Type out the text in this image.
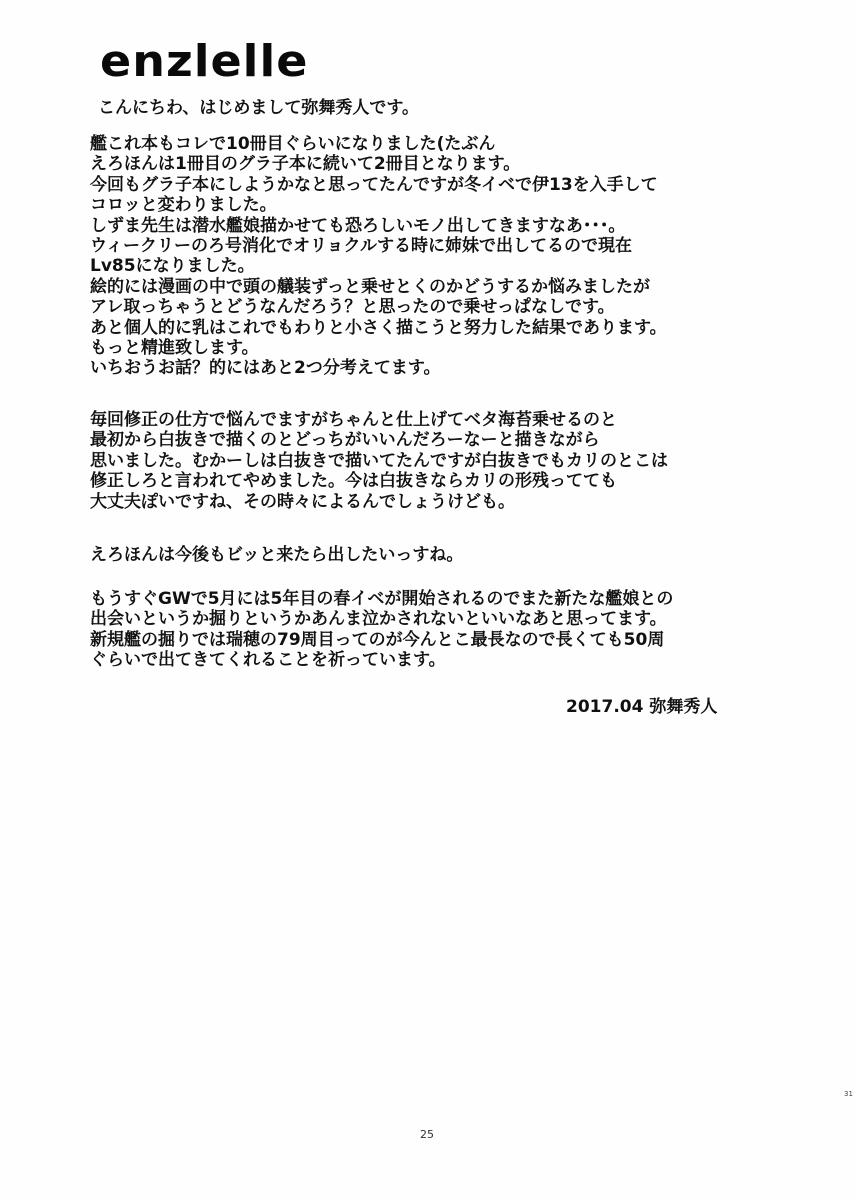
enzlelle
こんにちわ、はじめまして弥舞秀人です。
艦これ本もコレで10冊目ぐらいになりました(たぶん
えろほんは1冊目のグラ子本に続いて2冊目となります。
今回もグラ子本にしようかなと思ってたんですが冬イベで伊13を入手して
コロッと変わりました。
しずま先生は潜水艦娘描かせても恐ろしいモノ出してきますなあ･･･。
ウィークリーのろ号消化でオリョクルする時に姉妹で出してるので現在
Lv85になりました。
絵的には漫画の中で頭の艤装ずっと乗せとくのかどうするか悩みましたが
アレ取っちゃうとどうなんだろう？と思ったので乗せっぱなしです。
あと個人的に乳はこれでもわりと小さく描こうと努力した結果であります。
もっと精進致します。
いちおうお話？的にはあと2つ分考えてます。
毎回修正の仕方で悩んでますがちゃんと仕上げてベタ海苔乗せるのと
最初から白抜きで描くのとどっちがいいんだろーなーと描きながら
思いました。むかーしは白抜きで描いてたんですが白抜きでもカリのとこは
修正しろと言われてやめました。今は白抜きならカリの形残ってても
大丈夫ぽいですね、その時々によるんでしょうけども。
えろほんは今後もビッと来たら出したいっすね。
もうすぐGWで5月には5年目の春イベが開始されるのでまた新たな艦娘との
出会いというか掘りというかあんま泣かされないといいなあと思ってます。
新規艦の掘りでは瑞穂の79周目ってのが今んとこ最長なので長くても50周
ぐらいで出てきてくれることを祈っています。
2017.04 弥舞秀人
25
31
